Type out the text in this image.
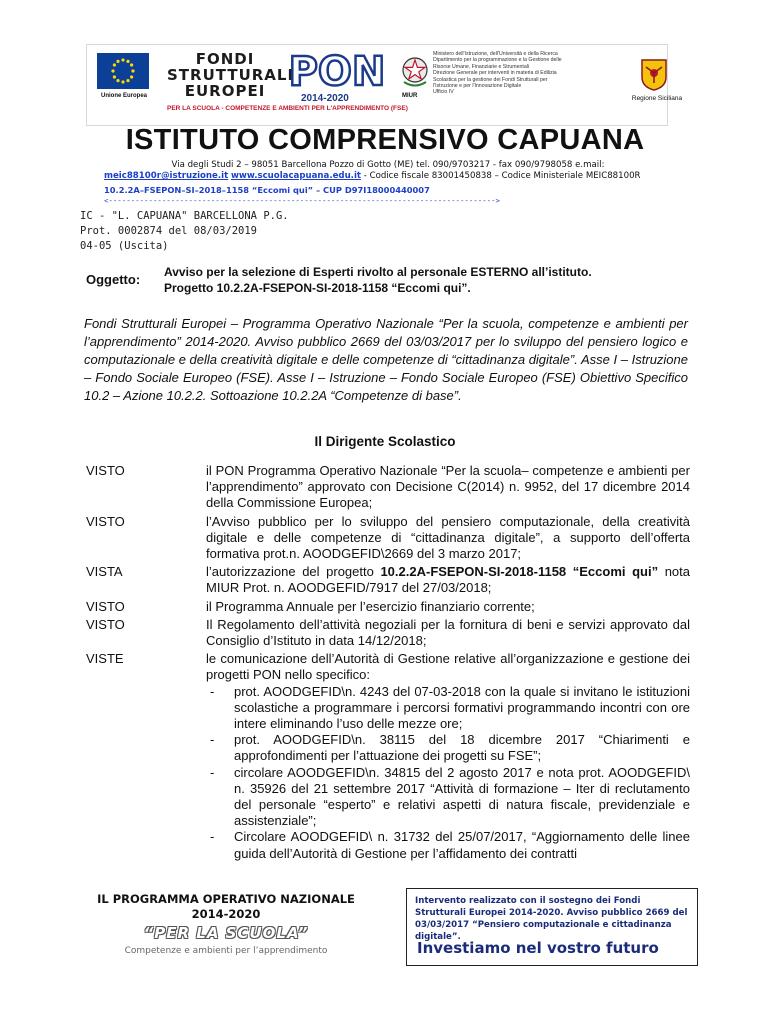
Unione Europea
FONDI
STRUTTURALI
EUROPEI PON
2014-2020
PER LA SCUOLA - COMPETENZE E AMBIENTI PER L'APPRENDIMENTO (FSE)
MIUR
Ministero dell'Istruzione, dell'Università e della Ricerca
Dipartimento per la programmazione e la Gestione delle
Risorse Umane, Finanziarie e Strumentali
Direzione Generale per interventi in materia di Edilizia
Scolastica per la gestione dei Fondi Strutturali per
l'Istruzione e per l'Innovazione Digitale
Ufficio IV
Regione Siciliana
ISTITUTO COMPRENSIVO CAPUANA
Via degli Studi 2 – 98051 Barcellona Pozzo di Gotto (ME) tel. 090/9703217 - fax 090/9798058 e.mail:
meic88100r@istruzione.it www.scuolacapuana.edu.it - Codice fiscale 83001450838 – Codice Ministeriale MEIC88100R
10.2.2A–FSEPON–SI–2018–1158 “Eccomi qui” – CUP D97I18000440007
<--------------------------------------------------------------------------------------->
IC - "L. CAPUANA" BARCELLONA P.G.
Prot. 0002874 del 08/03/2019
04-05 (Uscita)
Oggetto: Avviso per la selezione di Esperti rivolto al personale ESTERNO all’istituto.
Progetto 10.2.2A-FSEPON-SI-2018-1158 “Eccomi qui”.
Fondi Strutturali Europei – Programma Operativo Nazionale “Per la scuola, competenze e ambienti per l’apprendimento” 2014-2020. Avviso pubblico 2669 del 03/03/2017 per lo sviluppo del pensiero logico e computazionale e della creatività digitale e delle competenze di “cittadinanza digitale”. Asse I – Istruzione – Fondo Sociale Europeo (FSE). Asse I – Istruzione – Fondo Sociale Europeo (FSE) Obiettivo Specifico 10.2 – Azione 10.2.2. Sottoazione 10.2.2A “Competenze di base”.
Il Dirigente Scolastico
VISTO	il PON Programma Operativo Nazionale “Per la scuola– competenze e ambienti per l’apprendimento” approvato con Decisione C(2014) n. 9952, del 17 dicembre 2014 della Commissione Europea;
VISTO	l’Avviso pubblico per lo sviluppo del pensiero computazionale, della creatività digitale e delle competenze di “cittadinanza digitale”, a supporto dell’offerta formativa prot.n. AOODGEFID\2669 del 3 marzo 2017;
VISTA	l’autorizzazione del progetto 10.2.2A-FSEPON-SI-2018-1158 “Eccomi qui” nota MIUR Prot. n. AOODGEFID/7917 del 27/03/2018;
VISTO	il Programma Annuale per l’esercizio finanziario corrente;
VISTO	Il Regolamento dell’attività negoziali per la fornitura di beni e servizi approvato dal Consiglio d’Istituto in data 14/12/2018;
VISTE	le comunicazione dell’Autorità di Gestione relative all’organizzazione e gestione dei progetti PON nello specifico:
-	prot. AOODGEFID\n. 4243 del 07-03-2018 con la quale si invitano le istituzioni scolastiche a programmare i percorsi formativi programmando incontri con ore intere eliminando l’uso delle mezze ore;
-	prot. AOODGEFID\n. 38115 del 18 dicembre 2017 “Chiarimenti e approfondimenti per l’attuazione dei progetti su FSE”;
-	circolare AOODGEFID\n. 34815 del 2 agosto 2017 e nota prot. AOODGEFID\ n. 35926 del 21 settembre 2017 “Attività di formazione – Iter di reclutamento del personale “esperto” e relativi aspetti di natura fiscale, previdenziale e assistenziale”;
-	Circolare AOODGEFID\ n. 31732 del 25/07/2017, “Aggiornamento delle linee guida dell’Autorità di Gestione per l’affidamento dei contratti
IL PROGRAMMA OPERATIVO NAZIONALE
2014-2020
“PER LA SCUOLA”
Competenze e ambienti per l’apprendimento
Intervento realizzato con il sostegno dei Fondi Strutturali Europei 2014-2020. Avviso pubblico 2669 del 03/03/2017 “Pensiero computazionale e cittadinanza digitale”.
Investiamo nel vostro futuro
